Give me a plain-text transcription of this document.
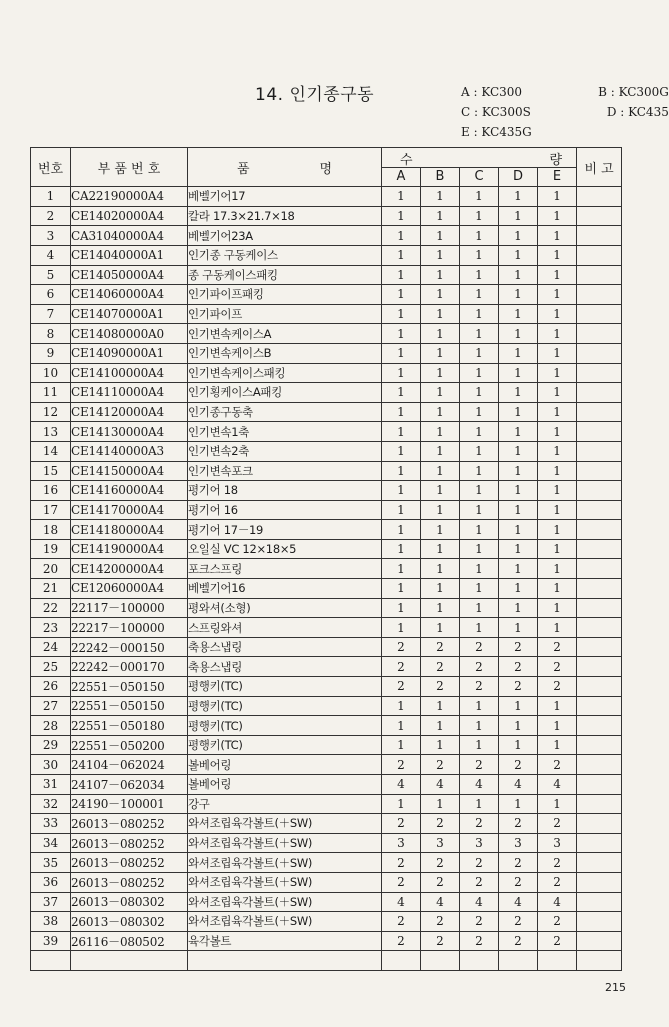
14. 인기종구동	A : KC300	B : KC300G
C : KC300S	D : KC435
E : KC435G
번호	부 품 번 호	품 명	수 량					비 고
			A	B	C	D	E	
1	CA22190000A4	베벨기어17	1	1	1	1	1	
2	CE14020000A4	칼라 17.3×21.7×18	1	1	1	1	1	
3	CA31040000A4	베벨기어23A	1	1	1	1	1	
4	CE14040000A1	인기종 구동케이스	1	1	1	1	1	
5	CE14050000A4	종 구동케이스패킹	1	1	1	1	1	
6	CE14060000A4	인기파이프패킹	1	1	1	1	1	
7	CE14070000A1	인기파이프	1	1	1	1	1	
8	CE14080000A0	인기변속케이스A	1	1	1	1	1	
9	CE14090000A1	인기변속케이스B	1	1	1	1	1	
10	CE14100000A4	인기변속케이스패킹	1	1	1	1	1	
11	CE14110000A4	인기횡케이스A패킹	1	1	1	1	1	
12	CE14120000A4	인기종구동축	1	1	1	1	1	
13	CE14130000A4	인기변속1축	1	1	1	1	1	
14	CE14140000A3	인기변속2축	1	1	1	1	1	
15	CE14150000A4	인기변속포크	1	1	1	1	1	
16	CE14160000A4	평기어 18	1	1	1	1	1	
17	CE14170000A4	평기어 16	1	1	1	1	1	
18	CE14180000A4	평기어 17－19	1	1	1	1	1	
19	CE14190000A4	오일실 VC 12×18×5	1	1	1	1	1	
20	CE14200000A4	포크스프링	1	1	1	1	1	
21	CE12060000A4	베벨기어16	1	1	1	1	1	
22	22117－100000	평와셔(소형)	1	1	1	1	1	
23	22217－100000	스프링와셔	1	1	1	1	1	
24	22242－000150	축용스냅링	2	2	2	2	2	
25	22242－000170	축용스냅링	2	2	2	2	2	
26	22551－050150	평행키(TC)	2	2	2	2	2	
27	22551－050150	평행키(TC)	1	1	1	1	1	
28	22551－050180	평행키(TC)	1	1	1	1	1	
29	22551－050200	평행키(TC)	1	1	1	1	1	
30	24104－062024	볼베어링	2	2	2	2	2	
31	24107－062034	볼베어링	4	4	4	4	4	
32	24190－100001	강구	1	1	1	1	1	
33	26013－080252	와셔조립육각볼트(＋SW)	2	2	2	2	2	
34	26013－080252	와셔조립육각볼트(＋SW)	3	3	3	3	3	
35	26013－080252	와셔조립육각볼트(＋SW)	2	2	2	2	2	
36	26013－080252	와셔조립육각볼트(＋SW)	2	2	2	2	2	
37	26013－080302	와셔조립육각볼트(＋SW)	4	4	4	4	4	
38	26013－080302	와셔조립육각볼트(＋SW)	2	2	2	2	2	
39	26116－080502	육각볼트	2	2	2	2	2	

215
